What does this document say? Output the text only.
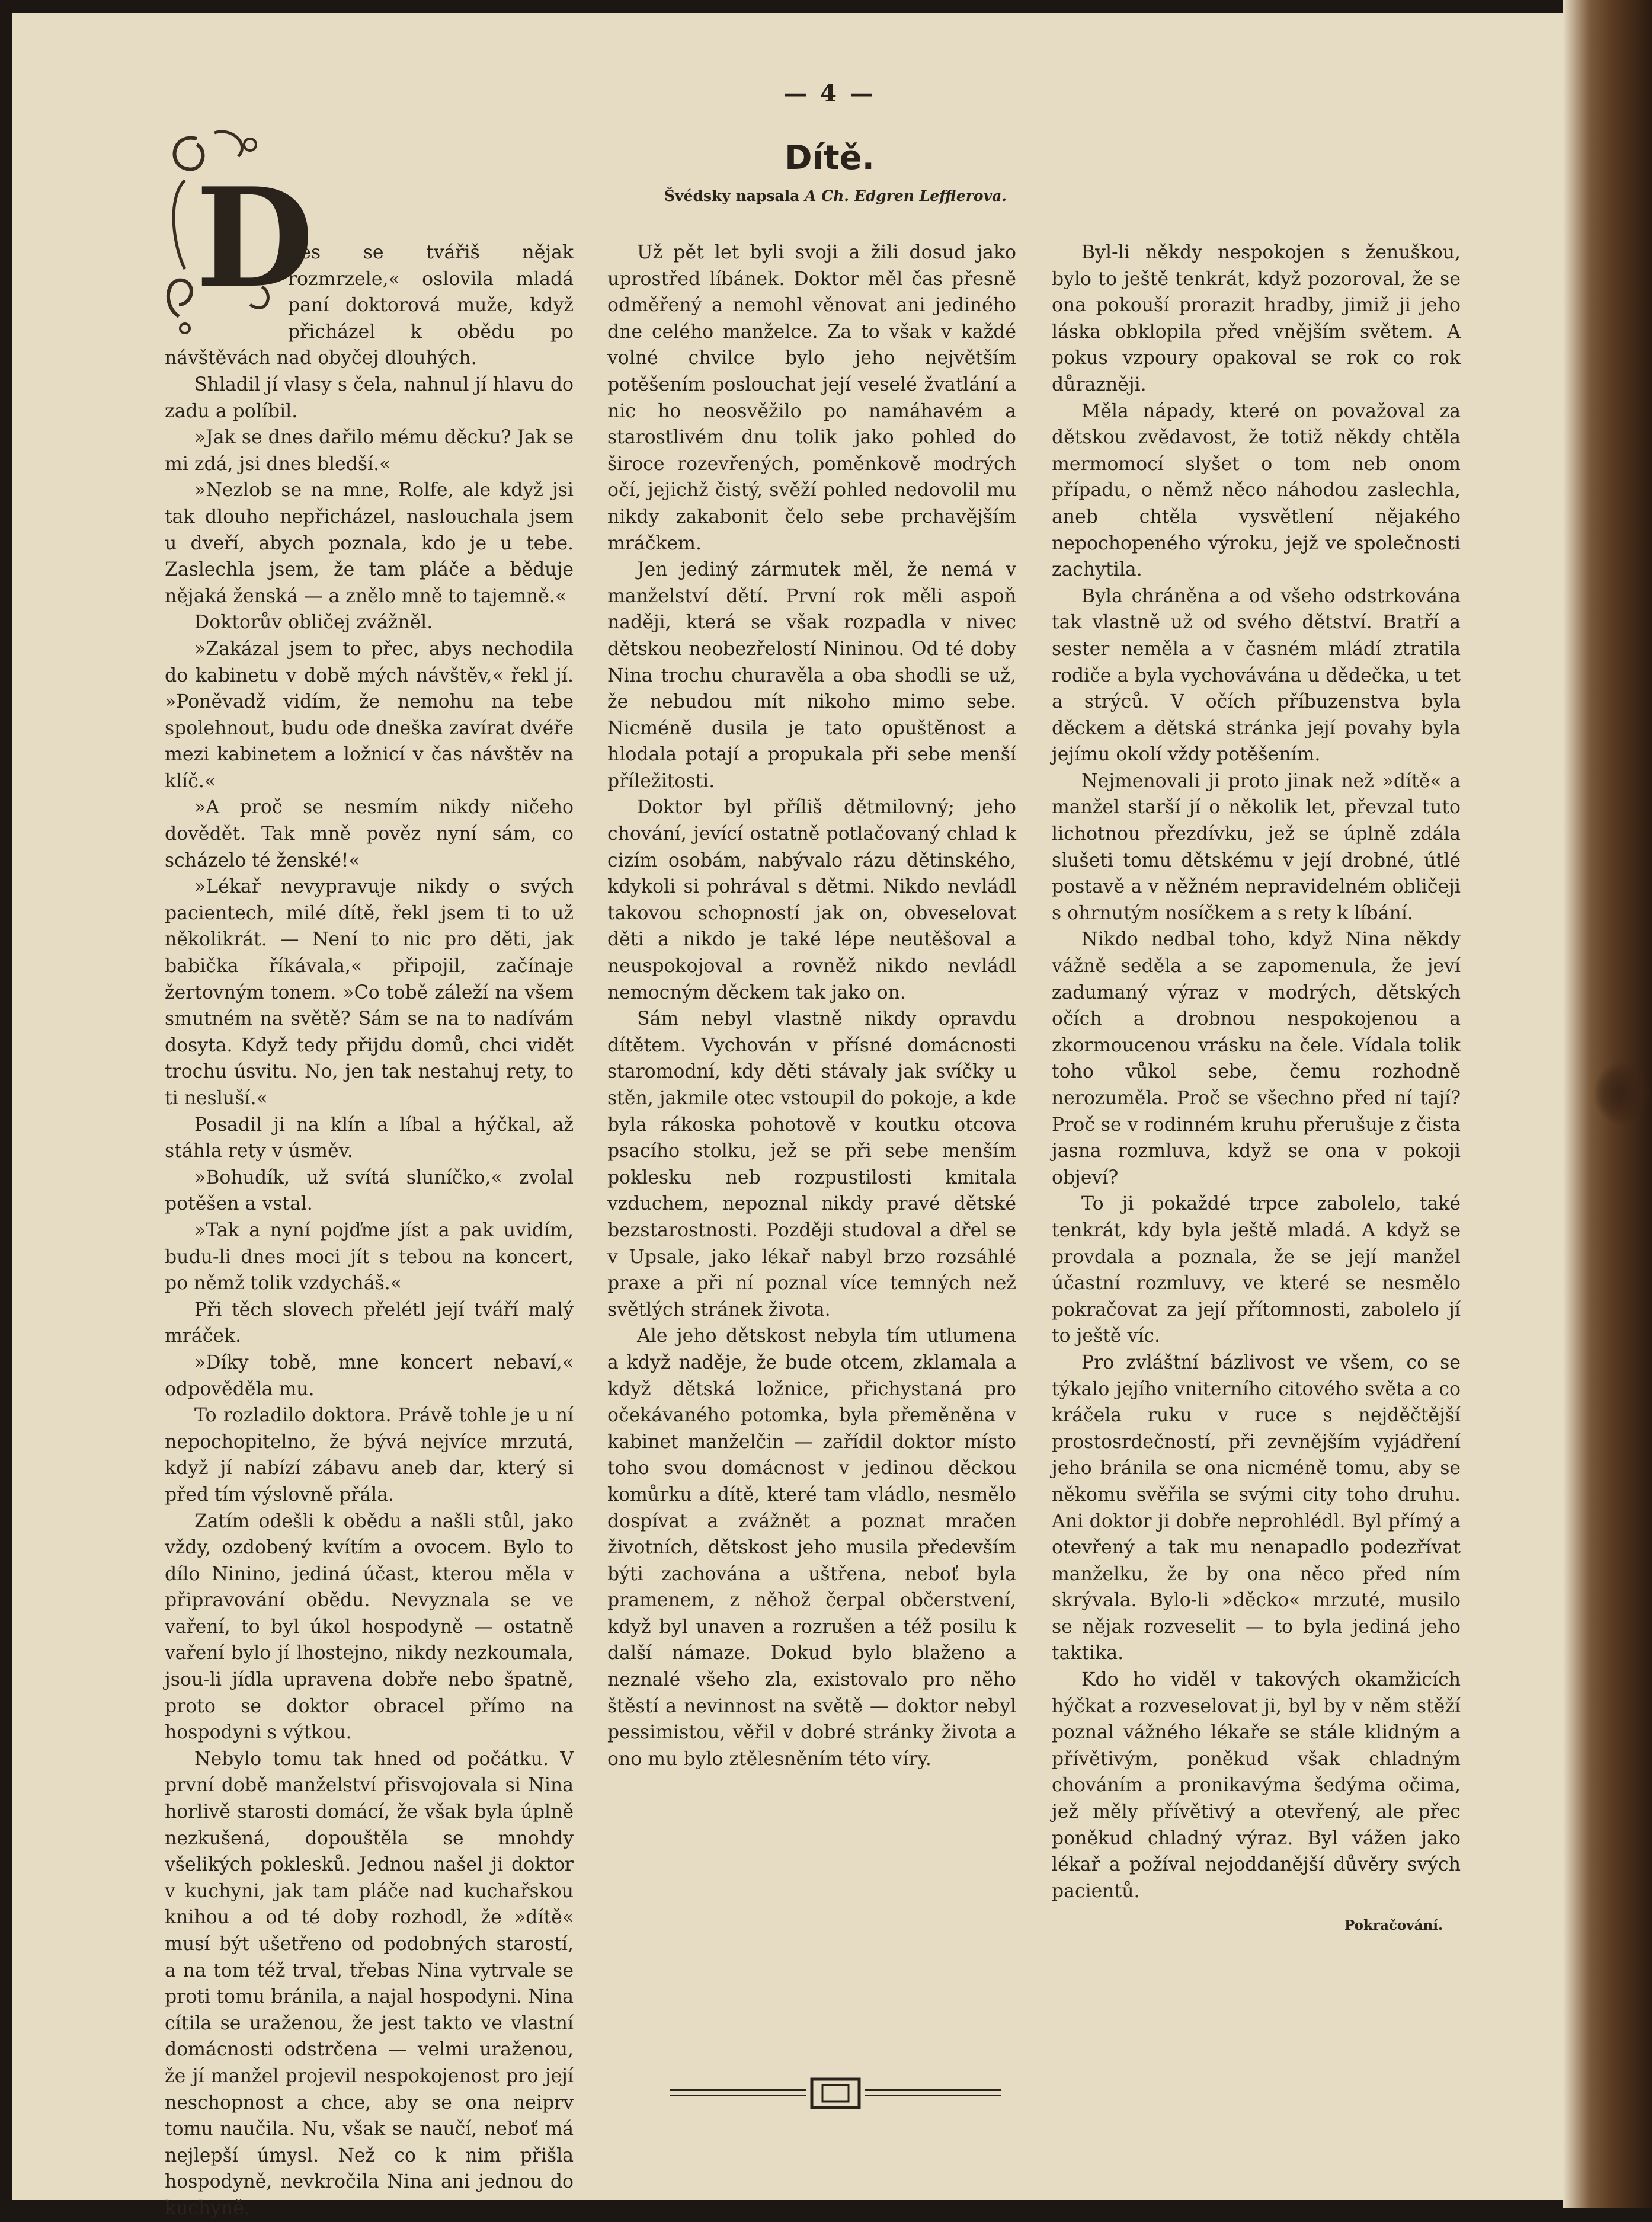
— 4 —
Dítě.
Švédsky napsala A Ch. Edgren Lefflerova.
D

nes se tvářiš nějak rozmrzele,« oslovila mladá paní doktorová muže, když přicházel k obědu po návštěvách nad obyčej dlouhých.

Shladil jí vlasy s čela, nahnul jí hlavu do zadu a políbil.

»Jak se dnes dařilo mému děcku? Jak se mi zdá, jsi dnes bledší.«

»Nezlob se na mne, Rolfe, ale když jsi tak dlouho nepřicházel, naslouchala jsem u dveří, abych poznala, kdo je u tebe. Zaslechla jsem, že tam pláče a běduje nějaká ženská — a znělo mně to tajemně.«

Doktorův obličej zvážněl.

»Zakázal jsem to přec, abys nechodila do kabinetu v době mých návštěv,« řekl jí. »Poněvadž vidím, že nemohu na tebe spolehnout, budu ode dneška zavírat dvéře mezi kabinetem a ložnicí v čas návštěv na klíč.«

»A proč se nesmím nikdy ničeho dovědět. Tak mně pověz nyní sám, co scházelo té ženské!«

»Lékař nevypravuje nikdy o svých pacientech, milé dítě, řekl jsem ti to už několikrát. — Není to nic pro děti, jak babička říkávala,« připojil, začínaje žertovným tonem. »Co tobě záleží na všem smutném na světě? Sám se na to nadívám dosyta. Když tedy přijdu domů, chci vidět trochu úsvitu. No, jen tak nestahuj rety, to ti nesluší.«

Posadil ji na klín a líbal a hýčkal, až stáhla rety v úsměv.

»Bohudík, už svítá sluníčko,« zvolal potěšen a vstal.

»Tak a nyní pojďme jíst a pak uvidím, budu-li dnes moci jít s tebou na koncert, po němž tolik vzdycháš.«

Při těch slovech přelétl její tváří malý mráček.

»Díky tobě, mne koncert nebaví,« odpověděla mu.

To rozladilo doktora. Právě tohle je u ní nepochopitelno, že bývá nejvíce mrzutá, když jí nabízí zábavu aneb dar, který si před tím výslovně přála.

Zatím odešli k obědu a našli stůl, jako vždy, ozdobený kvítím a ovocem. Bylo to dílo Ninino, jediná účast, kterou měla v připravování obědu. Nevyznala se ve vaření, to byl úkol hospodyně — ostatně vaření bylo jí lhostejno, nikdy nezkoumala, jsou-li jídla upravena dobře nebo špatně, proto se doktor obracel přímo na hospodyni s výtkou.

Nebylo tomu tak hned od počátku. V první době manželství přisvojovala si Nina horlivě starosti domácí, že však byla úplně nezkušená, dopouštěla se mnohdy všelikých poklesků. Jednou našel ji doktor v kuchyni, jak tam pláče nad kuchařskou knihou a od té doby rozhodl, že »dítě« musí být ušetřeno od podobných starostí, a na tom též trval, třebas Nina vytrvale se proti tomu bránila, a najal hospodyni. Nina cítila se uraženou, že jest takto ve vlastní domácnosti odstrčena — velmi uraženou, že jí manžel projevil nespokojenost pro její neschopnost a chce, aby se ona neiprv tomu naučila. Nu, však se naučí, neboť má nejlepší úmysl. Než co k nim přišla hospodyně, nevkročila Nina ani jednou do kuchyně.

Už pět let byli svoji a žili dosud jako uprostřed líbánek. Doktor měl čas přesně odměřený a nemohl věnovat ani jediného dne celého manželce. Za to však v každé volné chvilce bylo jeho největším potěšením poslouchat její veselé žvatlání a nic ho neosvěžilo po namáhavém a starostlivém dnu tolik jako pohled do široce rozevřených, poměnkově modrých očí, jejichž čistý, svěží pohled nedovolil mu nikdy zakabonit čelo sebe prchavějším mráčkem.

Jen jediný zármutek měl, že nemá v manželství dětí. První rok měli aspoň naději, která se však rozpadla v nivec dětskou neobezřelostí Nininou. Od té doby Nina trochu churavěla a oba shodli se už, že nebudou mít nikoho mimo sebe. Nicméně dusila je tato opuštěnost a hlodala potají a propukala při sebe menší příležitosti.

Doktor byl příliš dětmilovný; jeho chování, jevící ostatně potlačovaný chlad k cizím osobám, nabývalo rázu dětinského, kdykoli si pohrával s dětmi. Nikdo nevládl takovou schopností jak on, obveselovat děti a nikdo je také lépe neutěšoval a neuspokojoval a rovněž nikdo nevládl nemocným děckem tak jako on.

Sám nebyl vlastně nikdy opravdu dítětem. Vychován v přísné domácnosti staromodní, kdy děti stávaly jak svíčky u stěn, jakmile otec vstoupil do pokoje, a kde byla rákoska pohotově v koutku otcova psacího stolku, jež se při sebe menším poklesku neb rozpustilosti kmitala vzduchem, nepoznal nikdy pravé dětské bezstarostnosti. Později studoval a dřel se v Upsale, jako lékař nabyl brzo rozsáhlé praxe a při ní poznal více temných než světlých stránek života.

Ale jeho dětskost nebyla tím utlumena a když naděje, že bude otcem, zklamala a když dětská ložnice, přichystaná pro očekávaného potomka, byla přeměněna v kabinet manželčin — zařídil doktor místo toho svou domácnost v jedinou děckou komůrku a dítě, které tam vládlo, nesmělo dospívat a zvážnět a poznat mračen životních, dětskost jeho musila především býti zachována a uštřena, neboť byla pramenem, z něhož čerpal občerstvení, když byl unaven a rozrušen a též posilu k další námaze. Dokud bylo blaženo a neznalé všeho zla, existovalo pro něho štěstí a nevinnost na světě — doktor nebyl pessimistou, věřil v dobré stránky života a ono mu bylo ztělesněním této víry.

Byl-li někdy nespokojen s ženuškou, bylo to ještě tenkrát, když pozoroval, že se ona pokouší prorazit hradby, jimiž ji jeho láska obklopila před vnějším světem. A pokus vzpoury opakoval se rok co rok důrazněji.

Měla nápady, které on považoval za dětskou zvědavost, že totiž někdy chtěla mermomocí slyšet o tom neb onom případu, o němž něco náhodou zaslechla, aneb chtěla vysvětlení nějakého nepochopeného výroku, jejž ve společnosti zachytila.

Byla chráněna a od všeho odstrkována tak vlastně už od svého dětství. Bratří a sester neměla a v časném mládí ztratila rodiče a byla vychovávána u dědečka, u tet a strýců. V očích příbuzenstva byla děckem a dětská stránka její povahy byla jejímu okolí vždy potěšením.

Nejmenovali ji proto jinak než »dítě« a manžel starší jí o několik let, převzal tuto lichotnou přezdívku, jež se úplně zdála slušeti tomu dětskému v její drobné, útlé postavě a v něžném nepravidelném obličeji s ohrnutým nosíčkem a s rety k líbání.

Nikdo nedbal toho, když Nina někdy vážně seděla a se zapomenula, že jeví zadumaný výraz v modrých, dětských očích a drobnou nespokojenou a zkormoucenou vrásku na čele. Vídala tolik toho vůkol sebe, čemu rozhodně nerozuměla. Proč se všechno před ní tají? Proč se v rodinném kruhu přerušuje z čista jasna rozmluva, když se ona v pokoji objeví?

To ji pokaždé trpce zabolelo, také tenkrát, kdy byla ještě mladá. A když se provdala a poznala, že se její manžel účastní rozmluvy, ve které se nesmělo pokračovat za její přítomnosti, zabolelo jí to ještě víc.

Pro zvláštní bázlivost ve všem, co se týkalo jejího vniterního citového světa a co kráčela ruku v ruce s nejděčtější prostosrdečností, při zevnějším vyjádření jeho bránila se ona nicméně tomu, aby se někomu svěřila se svými city toho druhu. Ani doktor ji dobře neprohlédl. Byl přímý a otevřený a tak mu nenapadlo podezřívat manželku, že by ona něco před ním skrývala. Bylo-li »děcko« mrzuté, musilo se nějak rozveselit — to byla jediná jeho taktika.

Kdo ho viděl v takových okamžicích hýčkat a rozveselovat ji, byl by v něm stěží poznal vážného lékaře se stále klidným a přívětivým, poněkud však chladným chováním a pronikavýma šedýma očima, jež měly přívětivý a otevřený, ale přec poněkud chladný výraz. Byl vážen jako lékař a požíval nejoddanější důvěry svých pacientů.

Pokračování.
